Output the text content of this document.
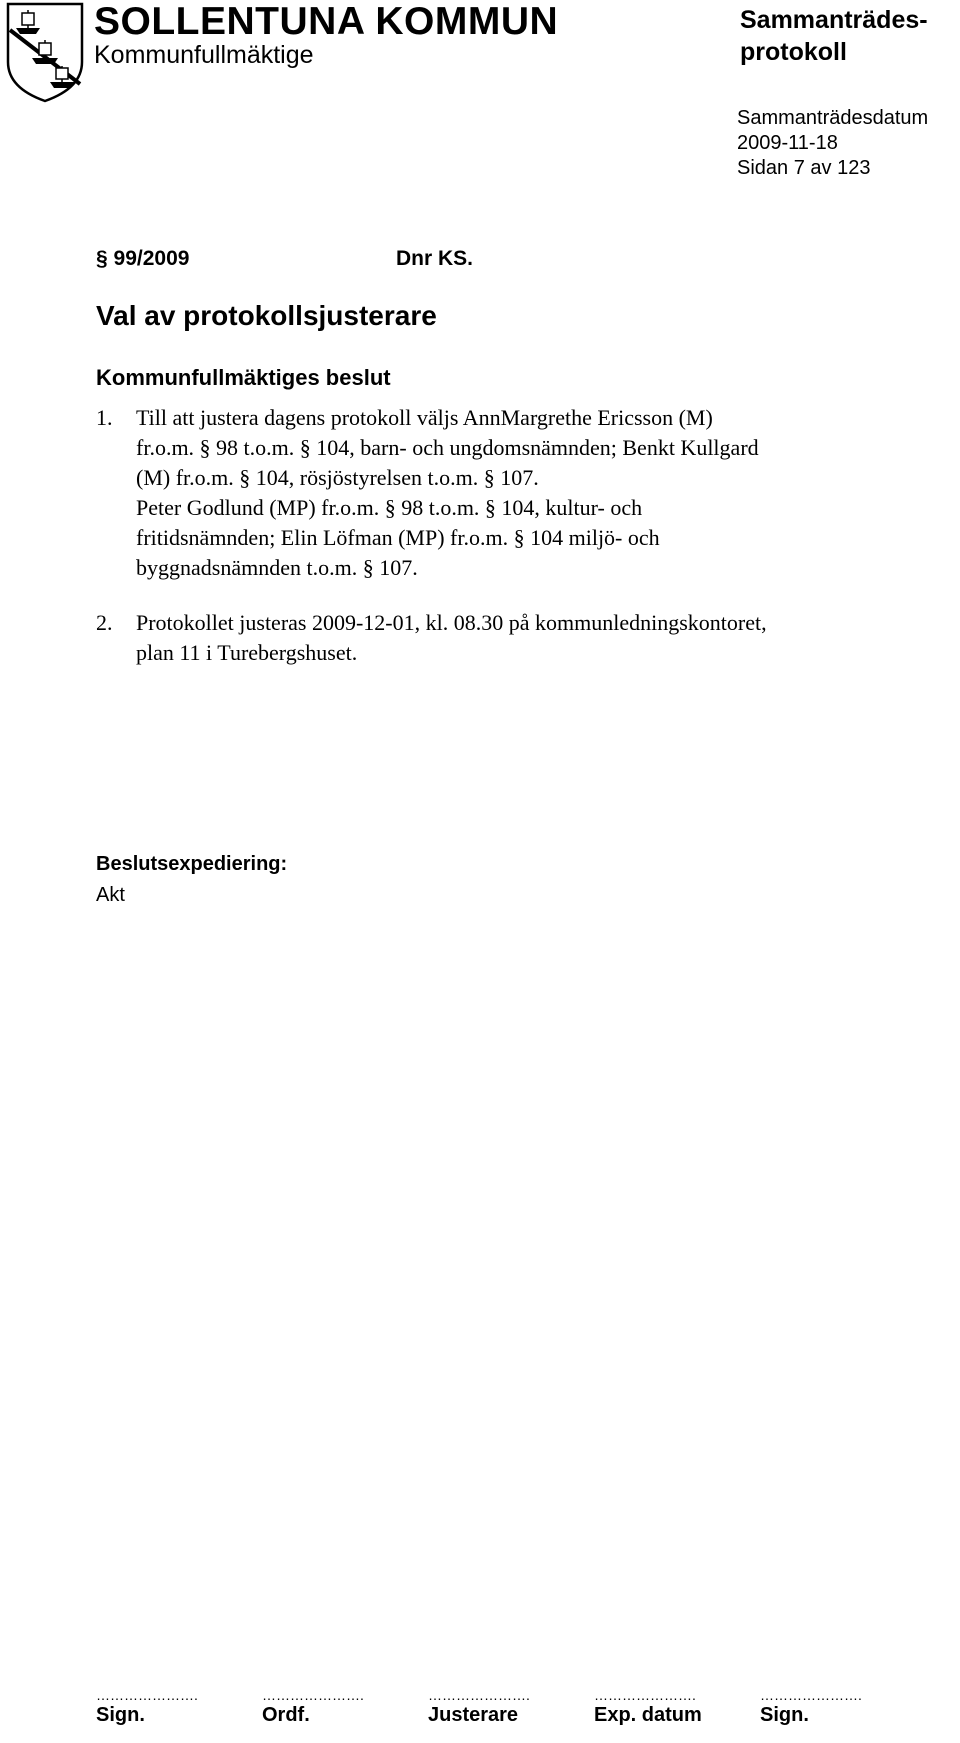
SOLLENTUNA KOMMUN
Kommunfullmäktige
Sammanträdes-
protokoll
Sammanträdesdatum
2009-11-18
Sidan 7 av 123
§ 99/2009	Dnr KS.
Val av protokollsjusterare
Kommunfullmäktiges beslut
1.	Till att justera dagens protokoll väljs AnnMargrethe Ericsson (M)
fr.o.m. § 98 t.o.m. § 104, barn- och ungdomsnämnden; Benkt Kullgard
(M) fr.o.m. § 104, rösjöstyrelsen t.o.m. § 107.
Peter Godlund (MP) fr.o.m. § 98 t.o.m. § 104, kultur- och
fritidsnämnden; Elin Löfman (MP) fr.o.m. § 104 miljö- och
byggnadsnämnden t.o.m. § 107.
2.	Protokollet justeras 2009-12-01, kl. 08.30 på kommunledningskontoret,
plan 11 i Turebergshuset.
Beslutsexpediering:
Akt
………………….
Sign.
………………….
Ordf.
………………….
Justerare
………………….
Exp. datum
………………….
Sign.
